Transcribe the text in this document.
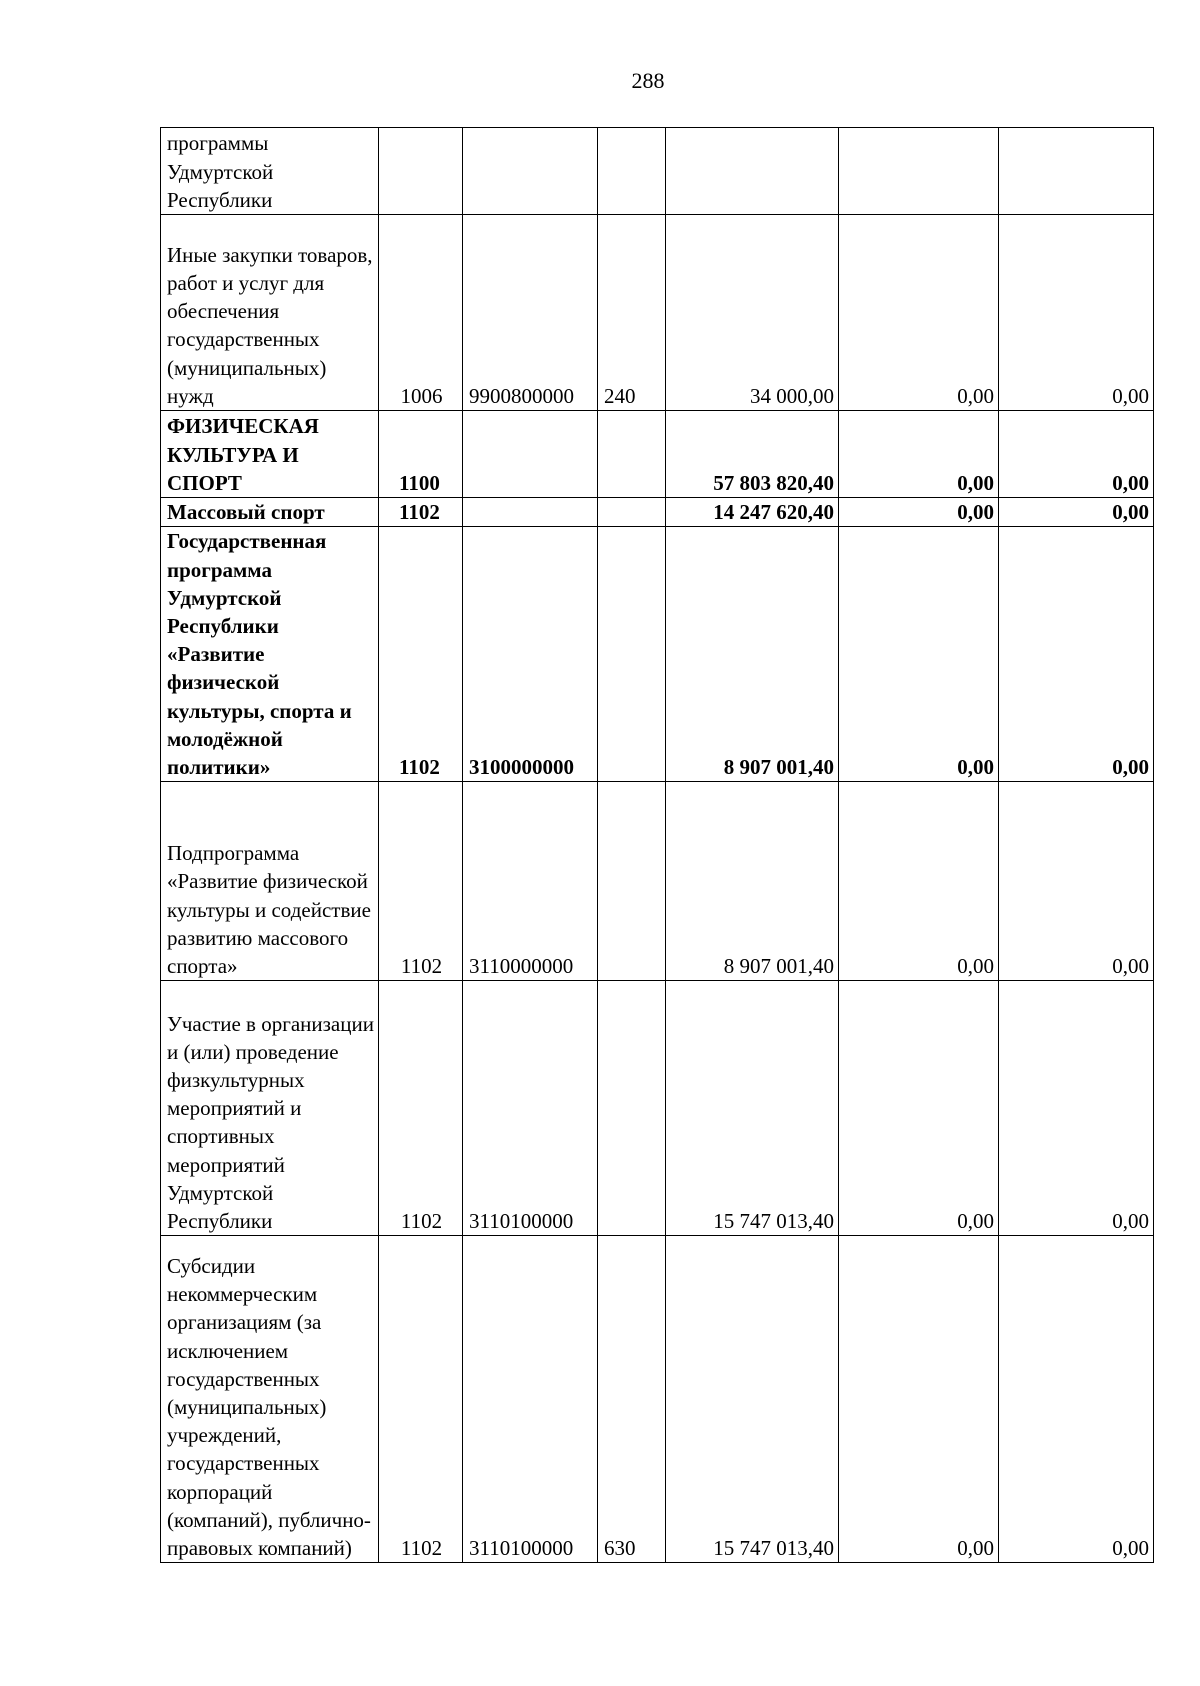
288
программы Удмуртской Республики						
Иные закупки товаров, работ и услуг для обеспечения государственных (муниципальных) нужд	1006	9900800000	240	34 000,00	0,00	0,00
ФИЗИЧЕСКАЯ КУЛЬТУРА И СПОРТ	1100			57 803 820,40	0,00	0,00
Массовый спорт	1102			14 247 620,40	0,00	0,00
Государственная программа Удмуртской Республики «Развитие физической культуры, спорта и молодёжной политики»	1102	3100000000		8 907 001,40	0,00	0,00
Подпрограмма «Развитие физической культуры и содействие развитию массового спорта»	1102	3110000000		8 907 001,40	0,00	0,00
Участие в организации и (или) проведение физкультурных мероприятий и спортивных мероприятий Удмуртской Республики	1102	3110100000		15 747 013,40	0,00	0,00
Субсидии некоммерческим организациям (за исключением государственных (муниципальных) учреждений, государственных корпораций (компаний), публично-правовых компаний)	1102	3110100000	630	15 747 013,40	0,00	0,00
